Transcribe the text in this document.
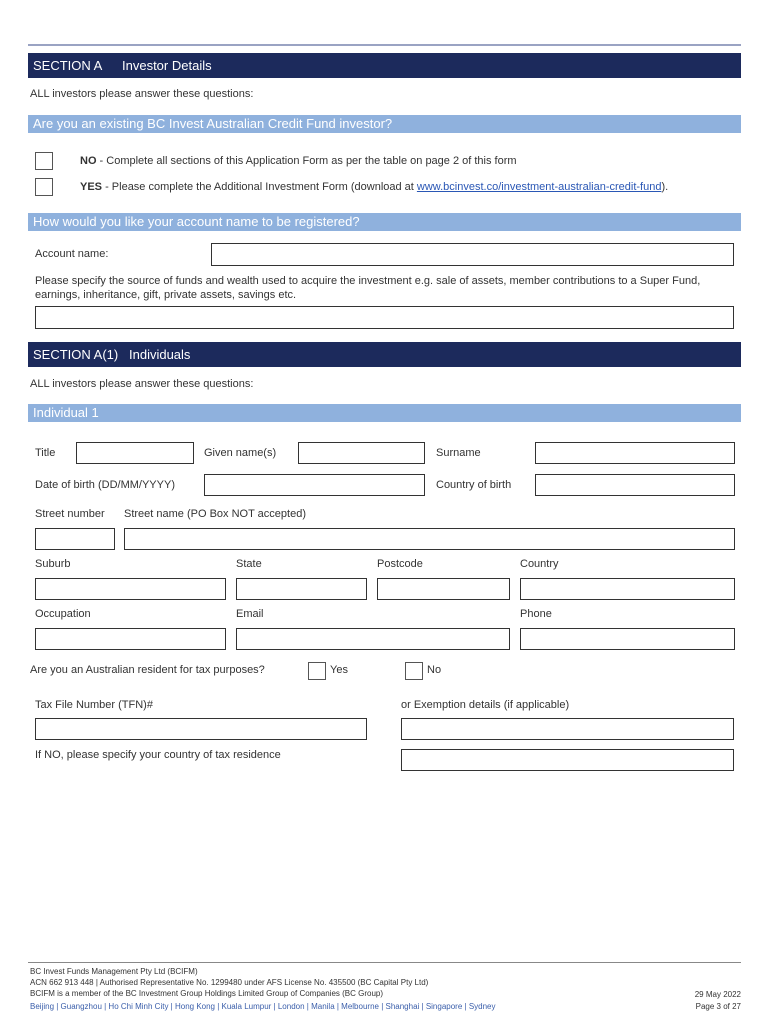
SECTION A Investor Details
ALL investors please answer these questions:
Are you an existing BC Invest Australian Credit Fund investor?
NO - Complete all sections of this Application Form as per the table on page 2 of this form
YES - Please complete the Additional Investment Form (download at www.bcinvest.co/investment-australian-credit-fund).
How would you like your account name to be registered?
Account name:
Please specify the source of funds and wealth used to acquire the investment e.g. sale of assets, member contributions to a Super Fund, earnings, inheritance, gift, private assets, savings etc.
SECTION A(1) Individuals
ALL investors please answer these questions:
Individual 1
Title	Given name(s)	Surname
Date of birth (DD/MM/YYYY)	Country of birth
Street number Street name (PO Box NOT accepted)
Suburb	State	Postcode	Country
Occupation	Email	Phone
Are you an Australian resident for tax purposes?	Yes	No
Tax File Number (TFN)#	or Exemption details (if applicable)
If NO, please specify your country of tax residence
BC Invest Funds Management Pty Ltd (BCIFM)
ACN 662 913 448 | Authorised Representative No. 1299480 under AFS License No. 435500 (BC Capital Pty Ltd)
BCIFM is a member of the BC Investment Group Holdings Limited Group of Companies (BC Group)
Beijing | Guangzhou | Ho Chi Minh City | Hong Kong | Kuala Lumpur | London | Manila | Melbourne | Shanghai | Singapore | Sydney
29 May 2022
Page 3 of 27
